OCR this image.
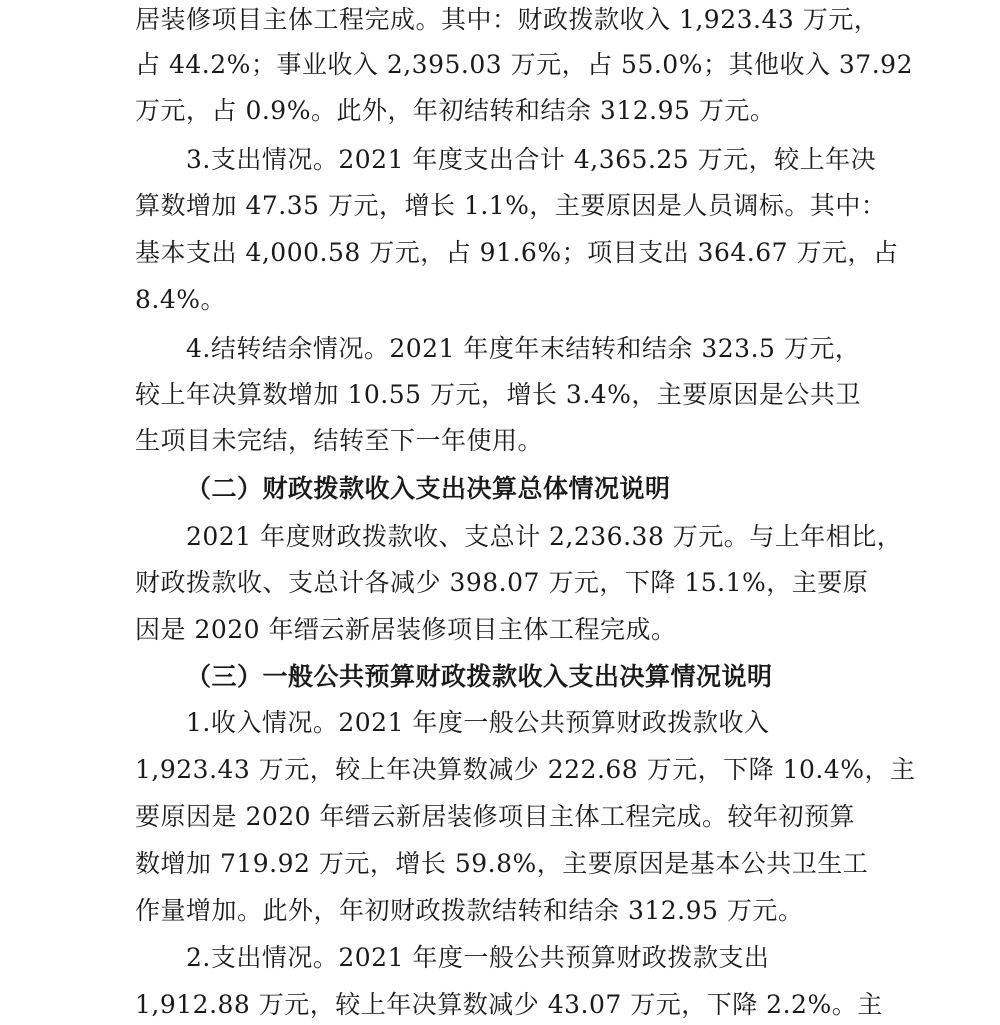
居装修项目主体工程完成。其中：财政拨款收入 1,923.43 万元，
占 44.2%；事业收入 2,395.03 万元，占 55.0%；其他收入 37.92
万元，占 0.9%。此外，年初结转和结余 312.95 万元。
3.支出情况。2021 年度支出合计 4,365.25 万元，较上年决
算数增加 47.35 万元，增长 1.1%，主要原因是人员调标。其中：
基本支出 4,000.58 万元，占 91.6%；项目支出 364.67 万元，占
8.4%。
4.结转结余情况。2021 年度年末结转和结余 323.5 万元，
较上年决算数增加 10.55 万元，增长 3.4%，主要原因是公共卫
生项目未完结，结转至下一年使用。
（二）财政拨款收入支出决算总体情况说明
2021 年度财政拨款收、支总计 2,236.38 万元。与上年相比，
财政拨款收、支总计各减少 398.07 万元，下降 15.1%，主要原
因是 2020 年缙云新居装修项目主体工程完成。
（三）一般公共预算财政拨款收入支出决算情况说明
1.收入情况。2021 年度一般公共预算财政拨款收入
1,923.43 万元，较上年决算数减少 222.68 万元，下降 10.4%，主
要原因是 2020 年缙云新居装修项目主体工程完成。较年初预算
数增加 719.92 万元，增长 59.8%，主要原因是基本公共卫生工
作量增加。此外，年初财政拨款结转和结余 312.95 万元。
2.支出情况。2021 年度一般公共预算财政拨款支出
1,912.88 万元，较上年决算数减少 43.07 万元，下降 2.2%。主
